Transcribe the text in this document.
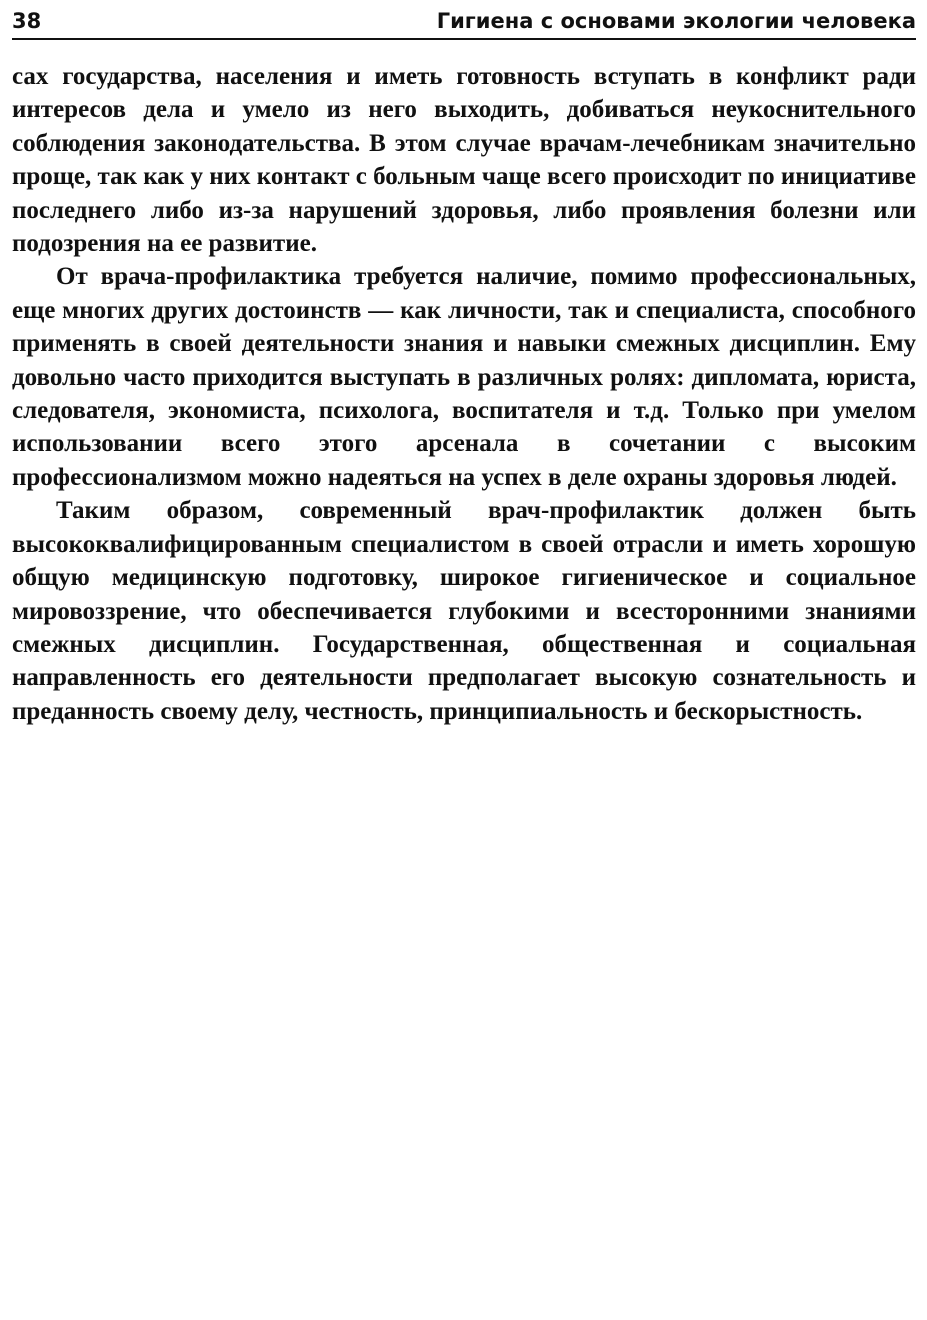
38	Гигиена с основами экологии человека

сах государства, населения и иметь готовность вступать в конфликт ради интересов дела и умело из него выходить, добиваться неукоснительного соблюдения законодательства. В этом случае врачам-лечебникам значительно проще, так как у них контакт с больным чаще всего происходит по инициативе последнего либо из-за нарушений здоровья, либо проявления болезни или подозрения на ее развитие.

От врача-профилактика требуется наличие, помимо профессиональных, еще многих других достоинств — как личности, так и специалиста, способного применять в своей деятельности знания и навыки смежных дисциплин. Ему довольно часто приходится выступать в различных ролях: дипломата, юриста, следователя, экономиста, психолога, воспитателя и т.д. Только при умелом использовании всего этого арсенала в сочетании с высоким профессионализмом можно надеяться на успех в деле охраны здоровья людей.

Таким образом, современный врач-профилактик должен быть высококвалифицированным специалистом в своей отрасли и иметь хорошую общую медицинскую подготовку, широкое гигиеническое и социальное мировоззрение, что обеспечивается глубокими и всесторонними знаниями смежных дисциплин. Государственная, общественная и социальная направленность его деятельности предполагает высокую сознательность и преданность своему делу, честность, принципиальность и бескорыстность.
